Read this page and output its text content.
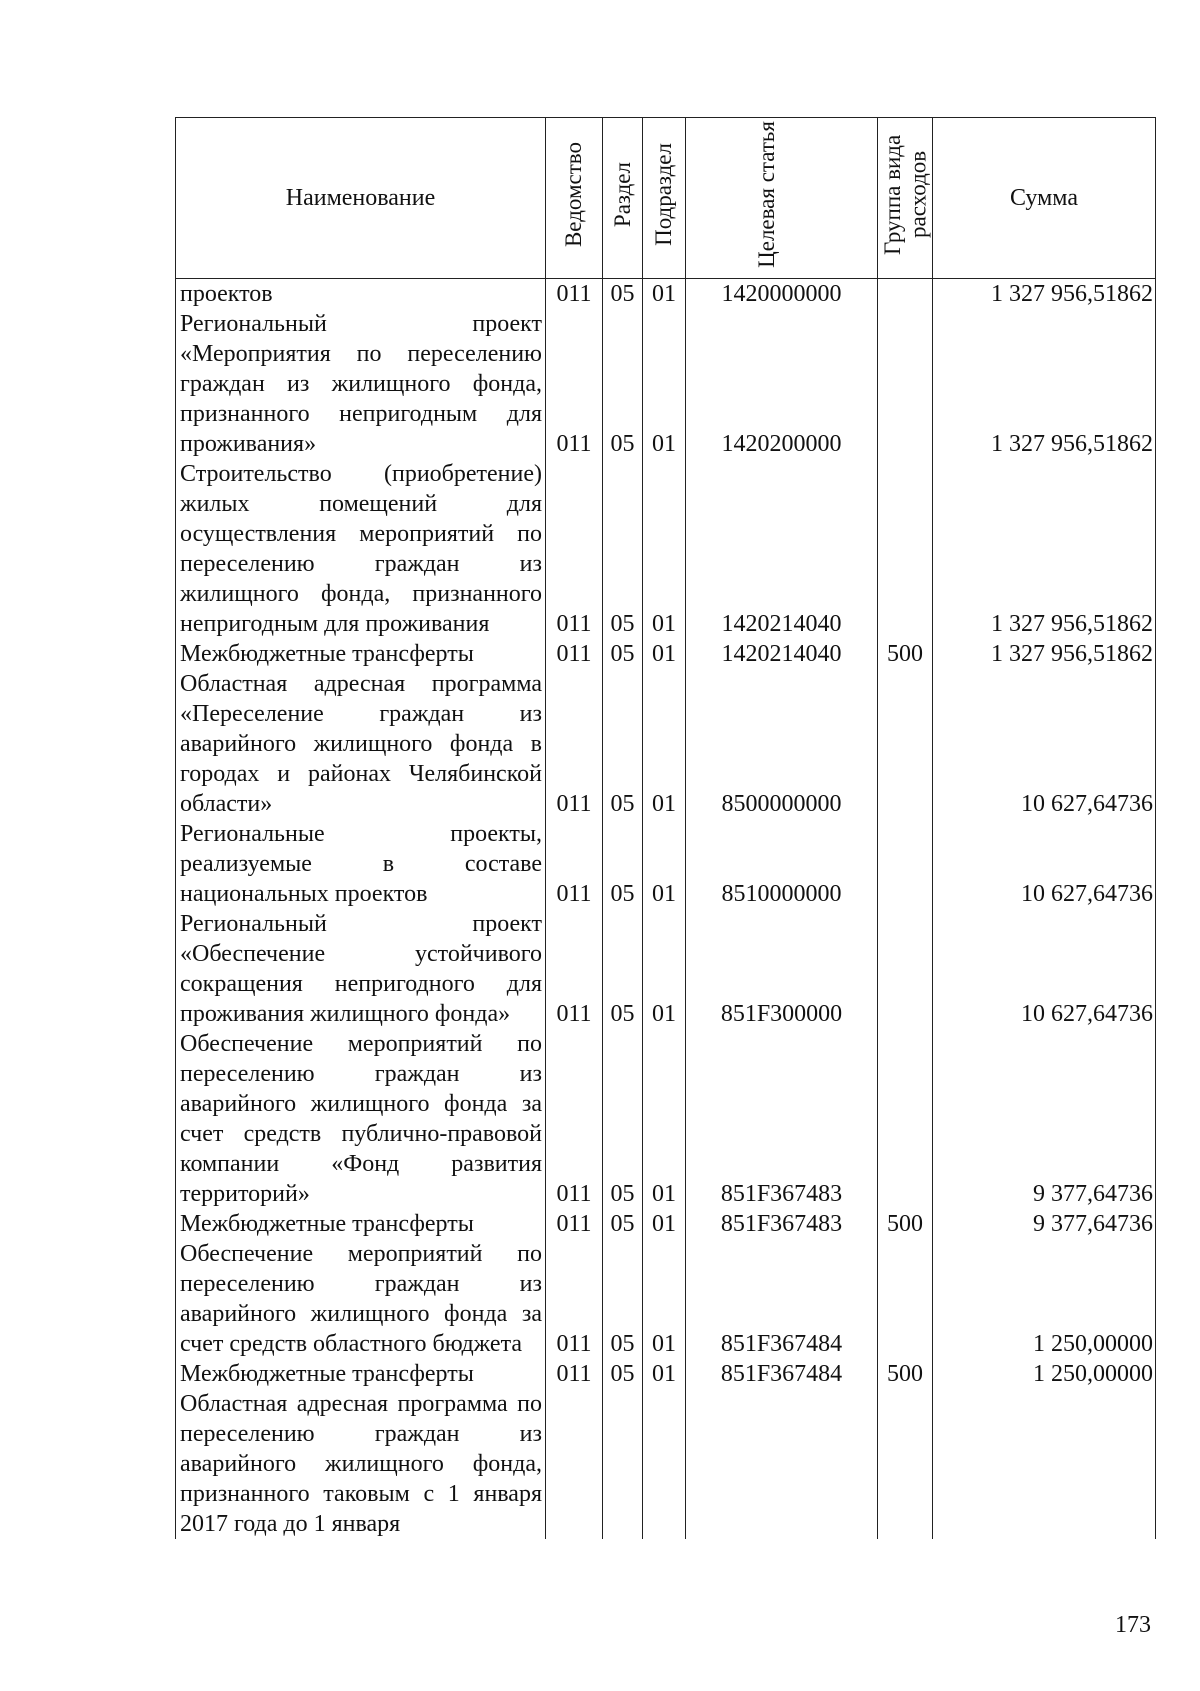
Наименование	Ведомство	Раздел	Подраздел	Целевая статья	Группа вида расходов	Сумма
проектов	011	05	01	1420000000		1 327 956,51862
Региональный проект «Мероприятия по переселению граждан из жилищного фонда, признанного непригодным для проживания»	011	05	01	1420200000		1 327 956,51862
Строительство (приобретение) жилых помещений для осуществления мероприятий по переселению граждан из жилищного фонда, признанного непригодным для проживания	011	05	01	1420214040		1 327 956,51862
Межбюджетные трансферты	011	05	01	1420214040	500	1 327 956,51862
Областная адресная программа «Переселение граждан из аварийного жилищного фонда в городах и районах Челябинской области»	011	05	01	8500000000		10 627,64736
Региональные проекты, реализуемые в составе национальных проектов	011	05	01	8510000000		10 627,64736
Региональный проект «Обеспечение устойчивого сокращения непригодного для проживания жилищного фонда»	011	05	01	851F300000		10 627,64736
Обеспечение мероприятий по переселению граждан из аварийного жилищного фонда за счет средств публично-правовой компании «Фонд развития территорий»	011	05	01	851F367483		9 377,64736
Межбюджетные трансферты	011	05	01	851F367483	500	9 377,64736
Обеспечение мероприятий по переселению граждан из аварийного жилищного фонда за счет средств областного бюджета	011	05	01	851F367484		1 250,00000
Межбюджетные трансферты	011	05	01	851F367484	500	1 250,00000
Областная адресная программа по переселению граждан из аварийного жилищного фонда, признанного таковым с 1 января 2017 года до 1 января						
173
